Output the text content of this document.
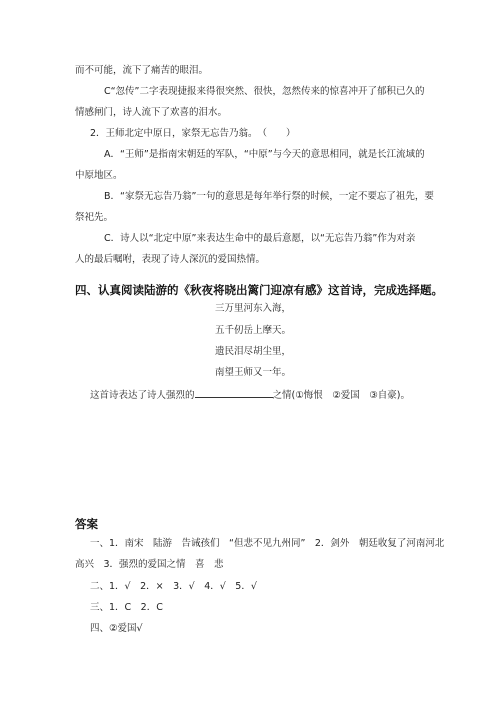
而不可能，流下了痛苦的眼泪。
C“忽传”二字表现捷报来得很突然、很快，忽然传来的惊喜冲开了郁积已久的
情感闸门，诗人流下了欢喜的泪水。
2．王师北定中原日，家祭无忘告乃翁。　（　　）
A．“王师”是指南宋朝廷的军队，“中原”与今天的意思相同，就是长江流域的
中原地区。
B．“家祭无忘告乃翁”一句的意思是每年举行祭的时候，一定不要忘了祖先，要
祭祀先。
C．诗人以“北定中原”来表达生命中的最后意愿，以“无忘告乃翁”作为对亲
人的最后嘱咐，表现了诗人深沉的爱国热情。
四、认真阅读陆游的《秋夜将晓出篱门迎凉有感》这首诗，完成选择题。
三万里河东入海，
五千仞岳上摩天。
遗民泪尽胡尘里，
南望王师又一年。
这首诗表达了诗人强烈的	之情(①悔恨　②爱国　③自豪)。
答案
一、1．南宋　陆游　告诫孩们　“但悲不见九州同”　2．剑外　朝廷收复了河南河北
高兴　3．强烈的爱国之情　喜　悲
二、1．√　2．×　3．√　4．√　5．√
三、1．C　2．C
四、②爱国√
